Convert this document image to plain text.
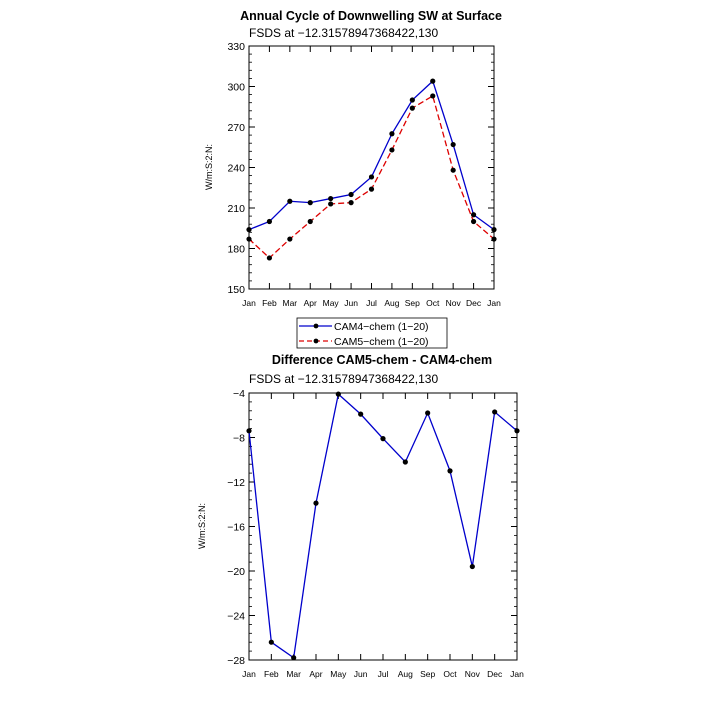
Annual Cycle of Downwelling SW at Surface
FSDS at −12.31578947368422,130
W/m:S:2:N:
150
180
210
240
270
300
330
Jan Feb Mar Apr May Jun Jul Aug Sep Oct Nov Dec Jan
CAM4−chem (1−20)
CAM5−chem (1−20)
Difference CAM5-chem - CAM4-chem
FSDS at −12.31578947368422,130
W/m:S:2:N:
−28
−24
−20
−16
−12
−8
−4
Jan Feb Mar Apr May Jun Jul Aug Sep Oct Nov Dec Jan
